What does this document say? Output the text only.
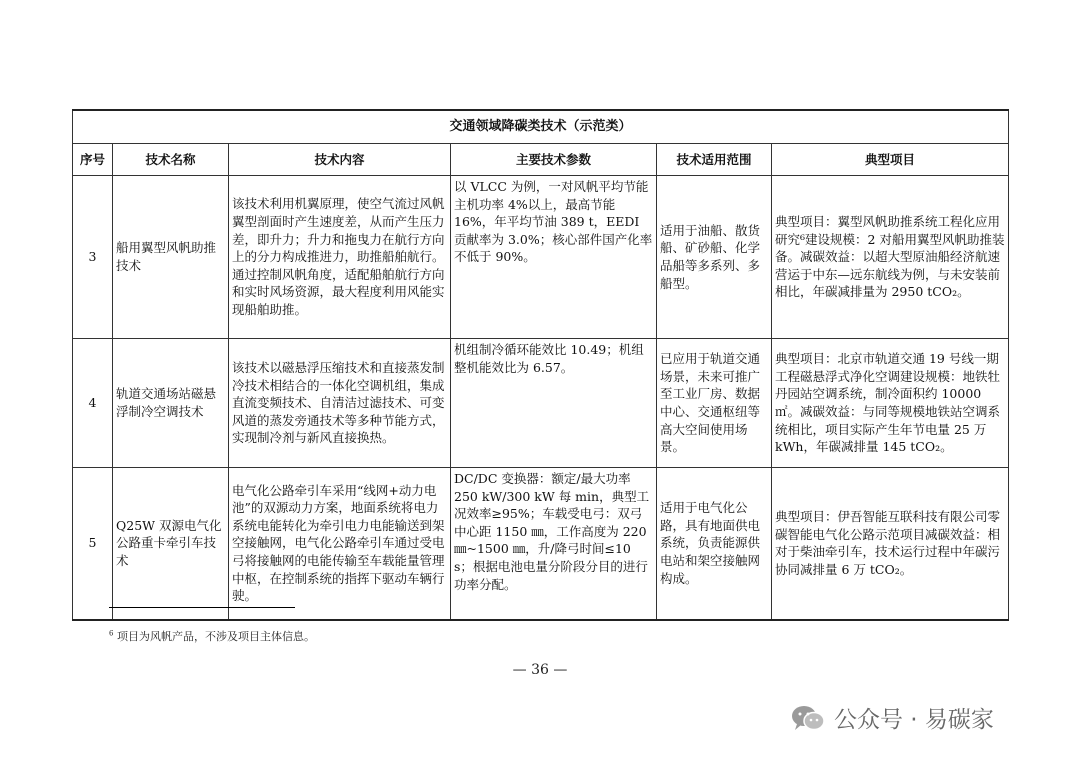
交通领域降碳类技术（示范类）					
序号	技术名称	技术内容	主要技术参数	技术适用范围	典型项目
3	船用翼型风帆助推技术	该技术利用机翼原理，使空气流过风帆翼型剖面时产生速度差，从而产生压力差，即升力；升力和拖曳力在航行方向上的分力构成推进力，助推船舶航行。通过控制风帆角度，适配船舶航行方向和实时风场资源，最大程度利用风能实现船舶助推。	以 VLCC 为例，一对风帆平均节能主机功率 4%以上，最高节能 16%，年平均节油 389 t，EEDI 贡献率为 3.0%；核心部件国产化率不低于 90%。	适用于油船、散货船、矿砂船、化学品船等多系列、多船型。	典型项目：翼型风帆助推系统工程化应用研究⁶建设规模：2 对船用翼型风帆助推装备。减碳效益：以超大型原油船经济航速营运于中东—远东航线为例，与未安装前相比，年碳减排量为 2950 tCO₂。
4	轨道交通场站磁悬浮制冷空调技术	该技术以磁悬浮压缩技术和直接蒸发制冷技术相结合的一体化空调机组，集成直流变频技术、自清洁过滤技术、可变风道的蒸发旁通技术等多种节能方式，实现制冷剂与新风直接换热。	机组制冷循环能效比 10.49；机组整机能效比为 6.57。	已应用于轨道交通场景，未来可推广至工业厂房、数据中心、交通枢纽等高大空间使用场景。	典型项目：北京市轨道交通 19 号线一期工程磁悬浮式净化空调建设规模：地铁牡丹园站空调系统，制冷面积约 10000 ㎡。减碳效益：与同等规模地铁站空调系统相比，项目实际产生年节电量 25 万 kWh，年碳减排量 145 tCO₂。
5	Q25W 双源电气化公路重卡牵引车技术	电气化公路牵引车采用“线网+动力电池”的双源动力方案，地面系统将电力系统电能转化为牵引电力电能输送到架空接触网，电气化公路牵引车通过受电弓将接触网的电能传输至车载能量管理中枢，在控制系统的指挥下驱动车辆行驶。	DC/DC 变换器：额定/最大功率 250 kW/300 kW 每 min，典型工况效率≥95%；车载受电弓：双弓中心距 1150 ㎜，工作高度为 220 ㎜~1500 ㎜，升/降弓时间≤10 s；根据电池电量分阶段分目的进行功率分配。	适用于电气化公路，具有地面供电系统，负责能源供电站和架空接触网构成。	典型项目：伊吾智能互联科技有限公司零碳智能电气化公路示范项目减碳效益：相对于柴油牵引车，技术运行过程中年碳污协同减排量 6 万 tCO₂。
$^6$ 项目为风帆产品，不涉及项目主体信息。
— 36 —
公众号 · 易碳家
